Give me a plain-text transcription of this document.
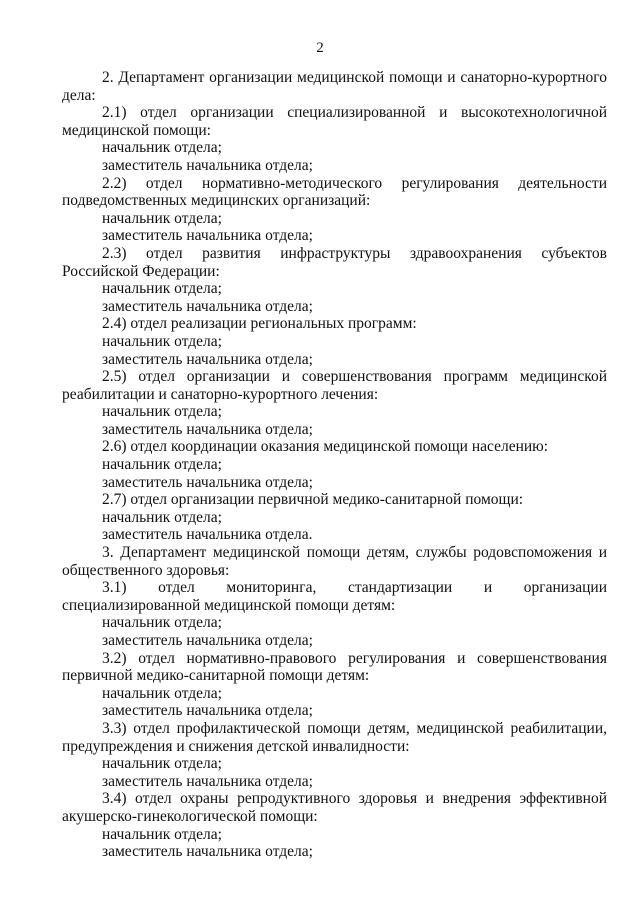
2

2. Департамент организации медицинской помощи и санаторно-курортного дела:

2.1) отдел организации специализированной и высокотехнологичной медицинской помощи:

начальник отдела;

заместитель начальника отдела;

2.2) отдел нормативно-методического регулирования деятельности подведомственных медицинских организаций:

начальник отдела;

заместитель начальника отдела;

2.3) отдел развития инфраструктуры здравоохранения субъектов Российской Федерации:

начальник отдела;

заместитель начальника отдела;

2.4) отдел реализации региональных программ:

начальник отдела;

заместитель начальника отдела;

2.5) отдел организации и совершенствования программ медицинской реабилитации и санаторно-курортного лечения:

начальник отдела;

заместитель начальника отдела;

2.6) отдел координации оказания медицинской помощи населению:

начальник отдела;

заместитель начальника отдела;

2.7) отдел организации первичной медико-санитарной помощи:

начальник отдела;

заместитель начальника отдела.

3. Департамент медицинской помощи детям, службы родовспоможения и общественного здоровья:

3.1) отдел мониторинга, стандартизации и организации специализированной медицинской помощи детям:

начальник отдела;

заместитель начальника отдела;

3.2) отдел нормативно-правового регулирования и совершенствования первичной медико-санитарной помощи детям:

начальник отдела;

заместитель начальника отдела;

3.3) отдел профилактической помощи детям, медицинской реабилитации, предупреждения и снижения детской инвалидности:

начальник отдела;

заместитель начальника отдела;

3.4) отдел охраны репродуктивного здоровья и внедрения эффективной акушерско-гинекологической помощи:

начальник отдела;

заместитель начальника отдела;
